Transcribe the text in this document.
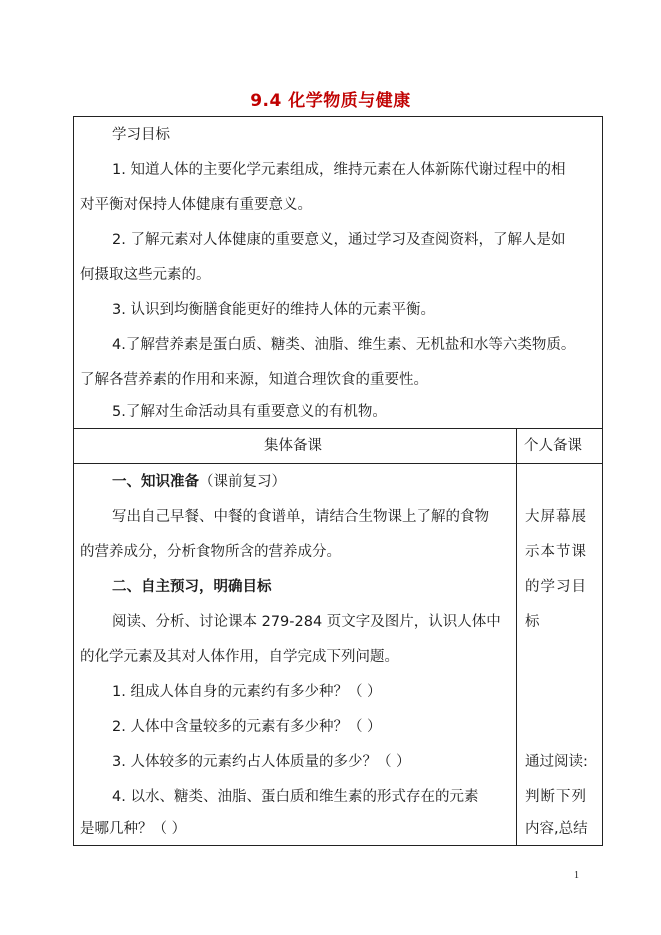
9.4 化学物质与健康
学习目标
1. 知道人体的主要化学元素组成，维持元素在人体新陈代谢过程中的相
对平衡对保持人体健康有重要意义。
2. 了解元素对人体健康的重要意义，通过学习及查阅资料，了解人是如
何摄取这些元素的。
3. 认识到均衡膳食能更好的维持人体的元素平衡。
4.了解营养素是蛋白质、糖类、油脂、维生素、无机盐和水等六类物质。
了解各营养素的作用和来源，知道合理饮食的重要性。
5.了解对生命活动具有重要意义的有机物。
集体备课	个人备课
一、知识准备（课前复习）
写出自己早餐、中餐的食谱单，请结合生物课上了解的食物
的营养成分，分析食物所含的营养成分。
二、自主预习，明确目标
阅读、分析、讨论课本 279-284 页文字及图片，认识人体中
的化学元素及其对人体作用，自学完成下列问题。
1. 组成人体自身的元素约有多少种？（ ）
2. 人体中含量较多的元素有多少种？（ ）
3. 人体较多的元素约占人体质量的多少？（ ）
4. 以水、糖类、油脂、蛋白质和维生素的形式存在的元素
是哪几种？（ ）
大屏幕展
示本节课
的学习目
标
通过阅读:
判断下列
内容,总结
1
